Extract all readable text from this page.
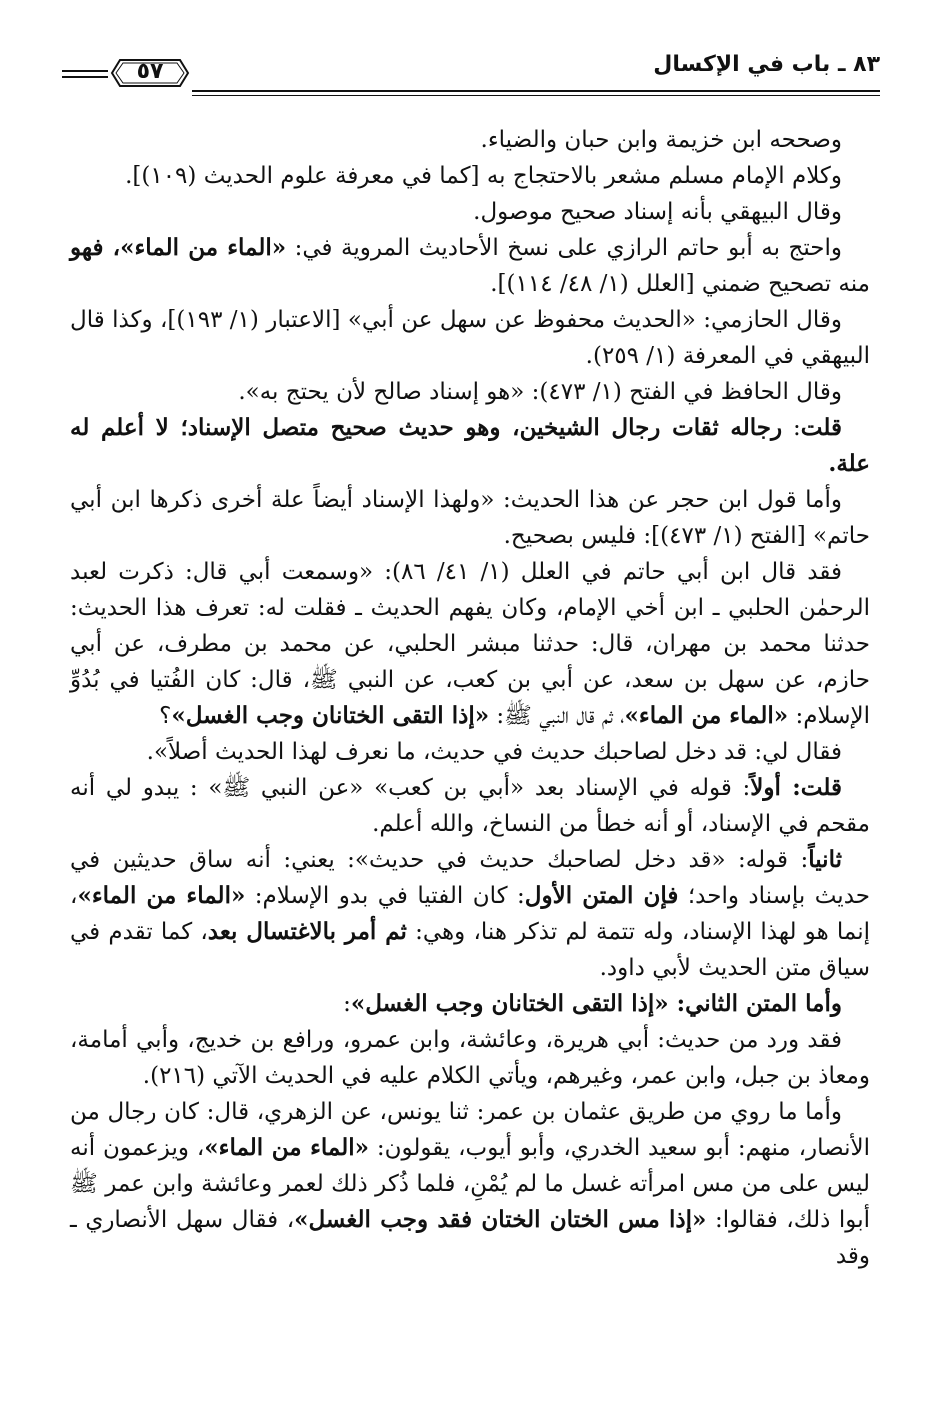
٨٣ ـ باب في الإكسال
٥٧

وصححه ابن خزيمة وابن حبان والضياء.

وكلام الإمام مسلم مشعر بالاحتجاج به [كما في معرفة علوم الحديث (١٠٩)].

وقال البيهقي بأنه إسناد صحيح موصول.

واحتج به أبو حاتم الرازي على نسخ الأحاديث المروية في: «الماء من الماء»، فهو منه تصحيح ضمني [العلل (١/ ٤٨/ ١١٤)].

وقال الحازمي: «الحديث محفوظ عن سهل عن أبي» [الاعتبار (١/ ١٩٣)]، وكذا قال البيهقي في المعرفة (١/ ٢٥٩).

وقال الحافظ في الفتح (١/ ٤٧٣): «هو إسناد صالح لأن يحتج به».

قلت: رجاله ثقات رجال الشيخين، وهو حديث صحيح متصل الإسناد؛ لا أعلم له علة.

وأما قول ابن حجر عن هذا الحديث: «ولهذا الإسناد أيضاً علة أخرى ذكرها ابن أبي حاتم» [الفتح (١/ ٤٧٣)]: فليس بصحيح.

فقد قال ابن أبي حاتم في العلل (١/ ٤١/ ٨٦): «وسمعت أبي قال: ذكرت لعبد الرحمٰن الحلبي ـ ابن أخي الإمام، وكان يفهم الحديث ـ فقلت له: تعرف هذا الحديث: حدثنا محمد بن مهران، قال: حدثنا مبشر الحلبي، عن محمد بن مطرف، عن أبي حازم، عن سهل بن سعد، عن أبي بن كعب، عن النبي ﷺ، قال: كان الفُتيا في بُدُوِّ الإسلام: «الماء من الماء»، ثم قال النبي ﷺ: «إذا التقى الختانان وجب الغسل»؟

فقال لي: قد دخل لصاحبك حديث في حديث، ما نعرف لهذا الحديث أصلاً».

قلت: أولاً: قوله في الإسناد بعد «أبي بن كعب» «عن النبي ﷺ» : يبدو لي أنه مقحم في الإسناد، أو أنه خطأ من النساخ، والله أعلم.

ثانياً: قوله: «قد دخل لصاحبك حديث في حديث»: يعني: أنه ساق حديثين في حديث بإسناد واحد؛ فإن المتن الأول: كان الفتيا في بدو الإسلام: «الماء من الماء»، إنما هو لهذا الإسناد، وله تتمة لم تذكر هنا، وهي: ثم أمر بالاغتسال بعد، كما تقدم في سياق متن الحديث لأبي داود.

وأما المتن الثاني: «إذا التقى الختانان وجب الغسل»:

فقد ورد من حديث: أبي هريرة، وعائشة، وابن عمرو، ورافع بن خديج، وأبي أمامة، ومعاذ بن جبل، وابن عمر، وغيرهم، ويأتي الكلام عليه في الحديث الآتي (٢١٦).

وأما ما روي من طريق عثمان بن عمر: ثنا يونس، عن الزهري، قال: كان رجال من الأنصار، منهم: أبو سعيد الخدري، وأبو أيوب، يقولون: «الماء من الماء»، ويزعمون أنه ليس على من مس امرأته غسل ما لم يُمْنِ، فلما ذُكر ذلك لعمر وعائشة وابن عمر ﷺ أبوا ذلك، فقالوا: «إذا مس الختان الختان فقد وجب الغسل»، فقال سهل الأنصاري ـ وقد
